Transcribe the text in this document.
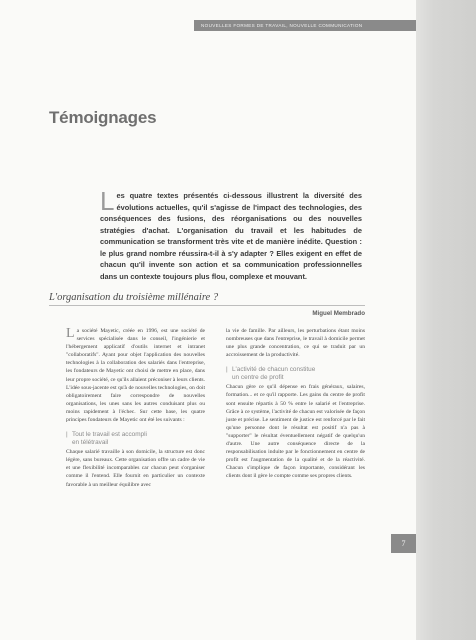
NOUVELLES FORMES DE TRAVAIL, NOUVELLE COMMUNICATION
Témoignages
Les quatre textes présentés ci-dessous illustrent la diversité des évolutions actuelles, qu'il s'agisse de l'impact des technologies, des conséquences des fusions, des réorganisations ou des nouvelles stratégies d'achat. L'organisation du travail et les habitudes de communication se transforment très vite et de manière inédite. Question : le plus grand nombre réussira-t-il à s'y adapter ? Elles exigent en effet de chacun qu'il invente son action et sa communication professionnelles dans un contexte toujours plus flou, complexe et mouvant.
L'organisation du troisième millénaire ?
Miguel Membrado

La société Mayetic, créée en 1996, est une société de services spécialisée dans le conseil, l'ingénierie et l'hébergement applicatif d'outils internet et intranet "collaboratifs". Ayant pour objet l'application des nouvelles technologies à la collaboration des salariés dans l'entreprise, les fondateurs de Mayetic ont choisi de mettre en place, dans leur propre société, ce qu'ils allaient préconiser à leurs clients. L'idée sous-jacente est qu'à de nouvelles technologies, on doit obligatoirement faire correspondre de nouvelles organisations, les unes sans les autres conduisant plus ou moins rapidement à l'échec. Sur cette base, les quatre principes fondateurs de Mayetic ont été les suivants :

| Tout le travail est accompli
en télétravail

Chaque salarié travaille à son domicile, la structure est donc légère, sans bureaux. Cette organisation offre un cadre de vie et une flexibilité incomparables car chacun peut s'organiser comme il l'entend. Elle fournit en particulier un contexte favorable à un meilleur équilibre avec

la vie de famille. Par ailleurs, les perturbations étant moins nombreuses que dans l'entreprise, le travail à domicile permet une plus grande concentration, ce qui se traduit par un accroissement de la productivité.

| L'activité de chacun constitue
un centre de profit

Chacun gère ce qu'il dépense en frais généraux, salaires, formation... et ce qu'il rapporte. Les gains du centre de profit sont ensuite répartis à 50 % entre le salarié et l'entreprise. Grâce à ce système, l'activité de chacun est valorisée de façon juste et précise. Le sentiment de justice est renforcé par le fait qu'une personne dont le résultat est positif n'a pas à "supporter" le résultat éventuellement négatif de quelqu'un d'autre. Une autre conséquence directe de la responsabilisation induite par le fonctionnement en centre de profit est l'augmentation de la qualité et de la réactivité. Chacun s'implique de façon importante, considérant les clients dont il gère le compte comme ses propres clients.

7
